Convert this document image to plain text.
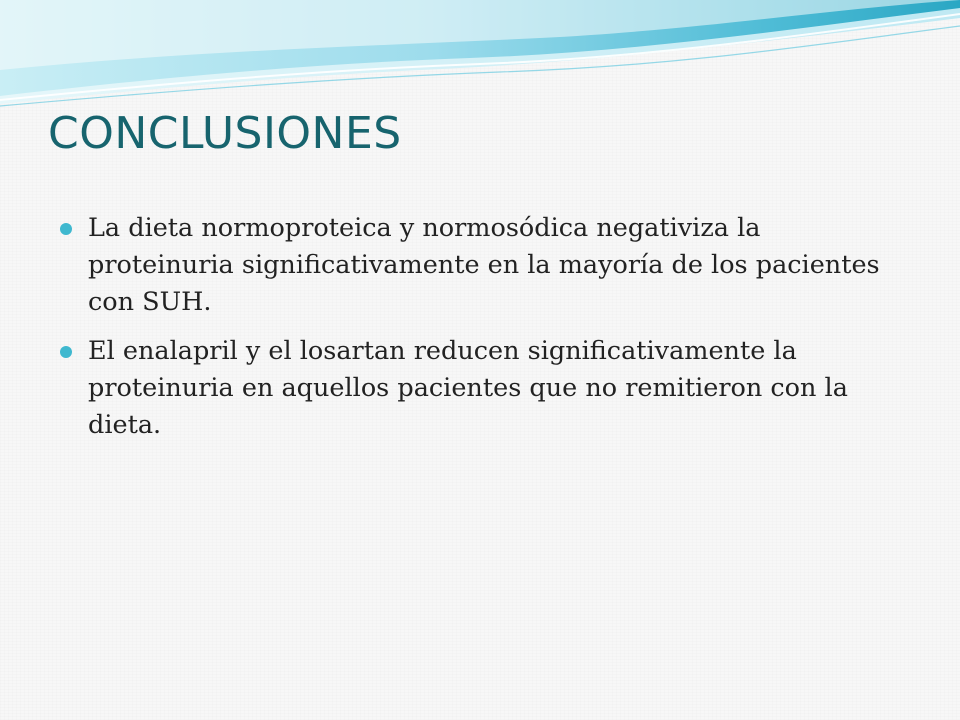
CONCLUSIONES
La dieta normoproteica y normosódica negativiza la proteinuria significativamente en la mayoría de los pacientes con SUH.
El enalapril y el losartan reducen significativamente la proteinuria en aquellos pacientes que no remitieron con la dieta.
